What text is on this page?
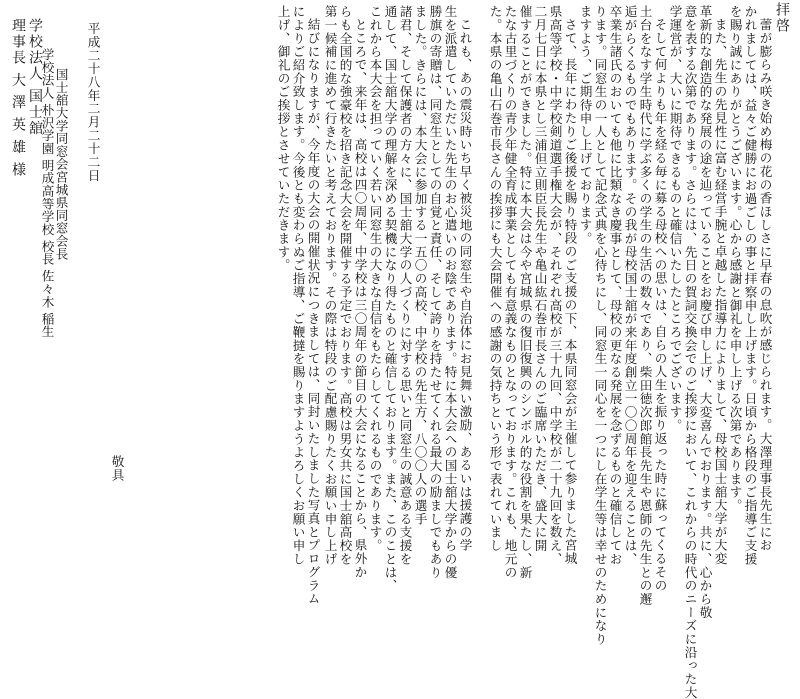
拝啓
蕾が膨らみ咲き始め梅の花の香ほしさに早春の息吹が感じられます。大澤理事長先生にお
かれましては、益々ご健勝にお過ごしの事と拝察申し上げます。日頃から格段のご指導ご支援
を賜り誠にありがとうございます。心から感謝と御礼を申し上げる次第であります。
また、先生の先見性に富む経営手腕と卓越した指導力によりまして、母校国士舘大学が大変
革新的な創造的な発展の途を辿っていることをお慶び申し上げ、大変喜んでおります。共に、心から敬
意を表する次第であります。さらには、先日の賀詞交換会でのご挨拶において、これからの時代のニーズに沿った大
学運営が、大いに期待できるものと確信いたしたところでございます。
そして何よりも年を経る毎に募る母校への思いは、自らの人生を振り返った時に蘇ってくるその
土台をなす学生時代に学ぶ多くの学生の生活の数々であり、柴田徳次郎館長先生や恩師の先生との邂
逅がらくるものでもあります。その我が母校国士舘が来年度創立一〇〇周年を迎えることは、
卒業生諸氏のおいても他に比類なき慶事として、母校の更なる発展を念ずるものと確信してお
ります。同窓生の一人として記念式典を心待ちにし、同窓生一同心を一つにし在学生等は幸せのためになり
ますよう、ご期待申し上げております。
さて、長年にわたりご後援を賜り特段のご支援の下、本県同窓会が主催して参りました宮城
県高等学校・中学校剣道選手権大会が、それぞれ高校が三十九回、中学校が二十九回を数え、
二月七日に本県とし三浦但立則臣長先生や亀山紘石巻市長さんのご臨席いただき、盛大に開
催することができました。特に本大会は今や宮城県の復旧復興のシンボル的な役割を果たし、新
たな古里づくりの青少年健全育成事業としても有意義なものとなっております。これも、地元の
た。本県の亀山石巻市長さんの挨拶にも大会開催への感謝の気持ちという形で表れていまし
これも、あの震災時いち早く被災地の同窓生や自治体にお見舞い激励、あるいは援護の学
生を派遣していただいた先生のお心遣いのお陰であります。特に本大会への国士舘大学からの優
勝旗の寄贈は、同窓生としての自覚と責任、そして誇りを持たせてくれる最大の励ましでもあり
ました。きらには、本大会に参加する一五〇の高校、中学校の先生方、八〇〇人の選手
諸君、そして保護者の方々に、国士舘大学の人づくりに対する思いと同窓生の誠意ある支援を
通して、国士舘大学の理解を深める契機になり得たものと確信しております。また、このことは、
これから本大会を担っていく若い同窓生の大きな自信をもたらしてくれるものであります。
ところで、来年は、高校は四〇周年、中学校は三〇周年の節目の大会になることから、県外か
らも全国的な強豪校を招き記念大会を開催する予定でおります。高校は男女共に国士舘高校を
第一候補に進めて行きたいと考えております。その際は特段のご配慮賜りたくお願い申し上げ
結びになりますが、今年度の大会の開催状況につきましては、同封いたしました写真とプログラム
によりご紹介致します。今後とも変わらぬご指導、ご鞭撻を賜りますようよろしくお願い申し
上げ、御礼のご挨拶とさせていただきます。
敬具
平成二十八年二月二十二日
国士舘大学同窓会宮城県同窓会長
学校法人 朴沢学園 明成高等学校 校長 佐々木 稲生
学校法人 国士舘
理事長 大 澤 英 雄 様
